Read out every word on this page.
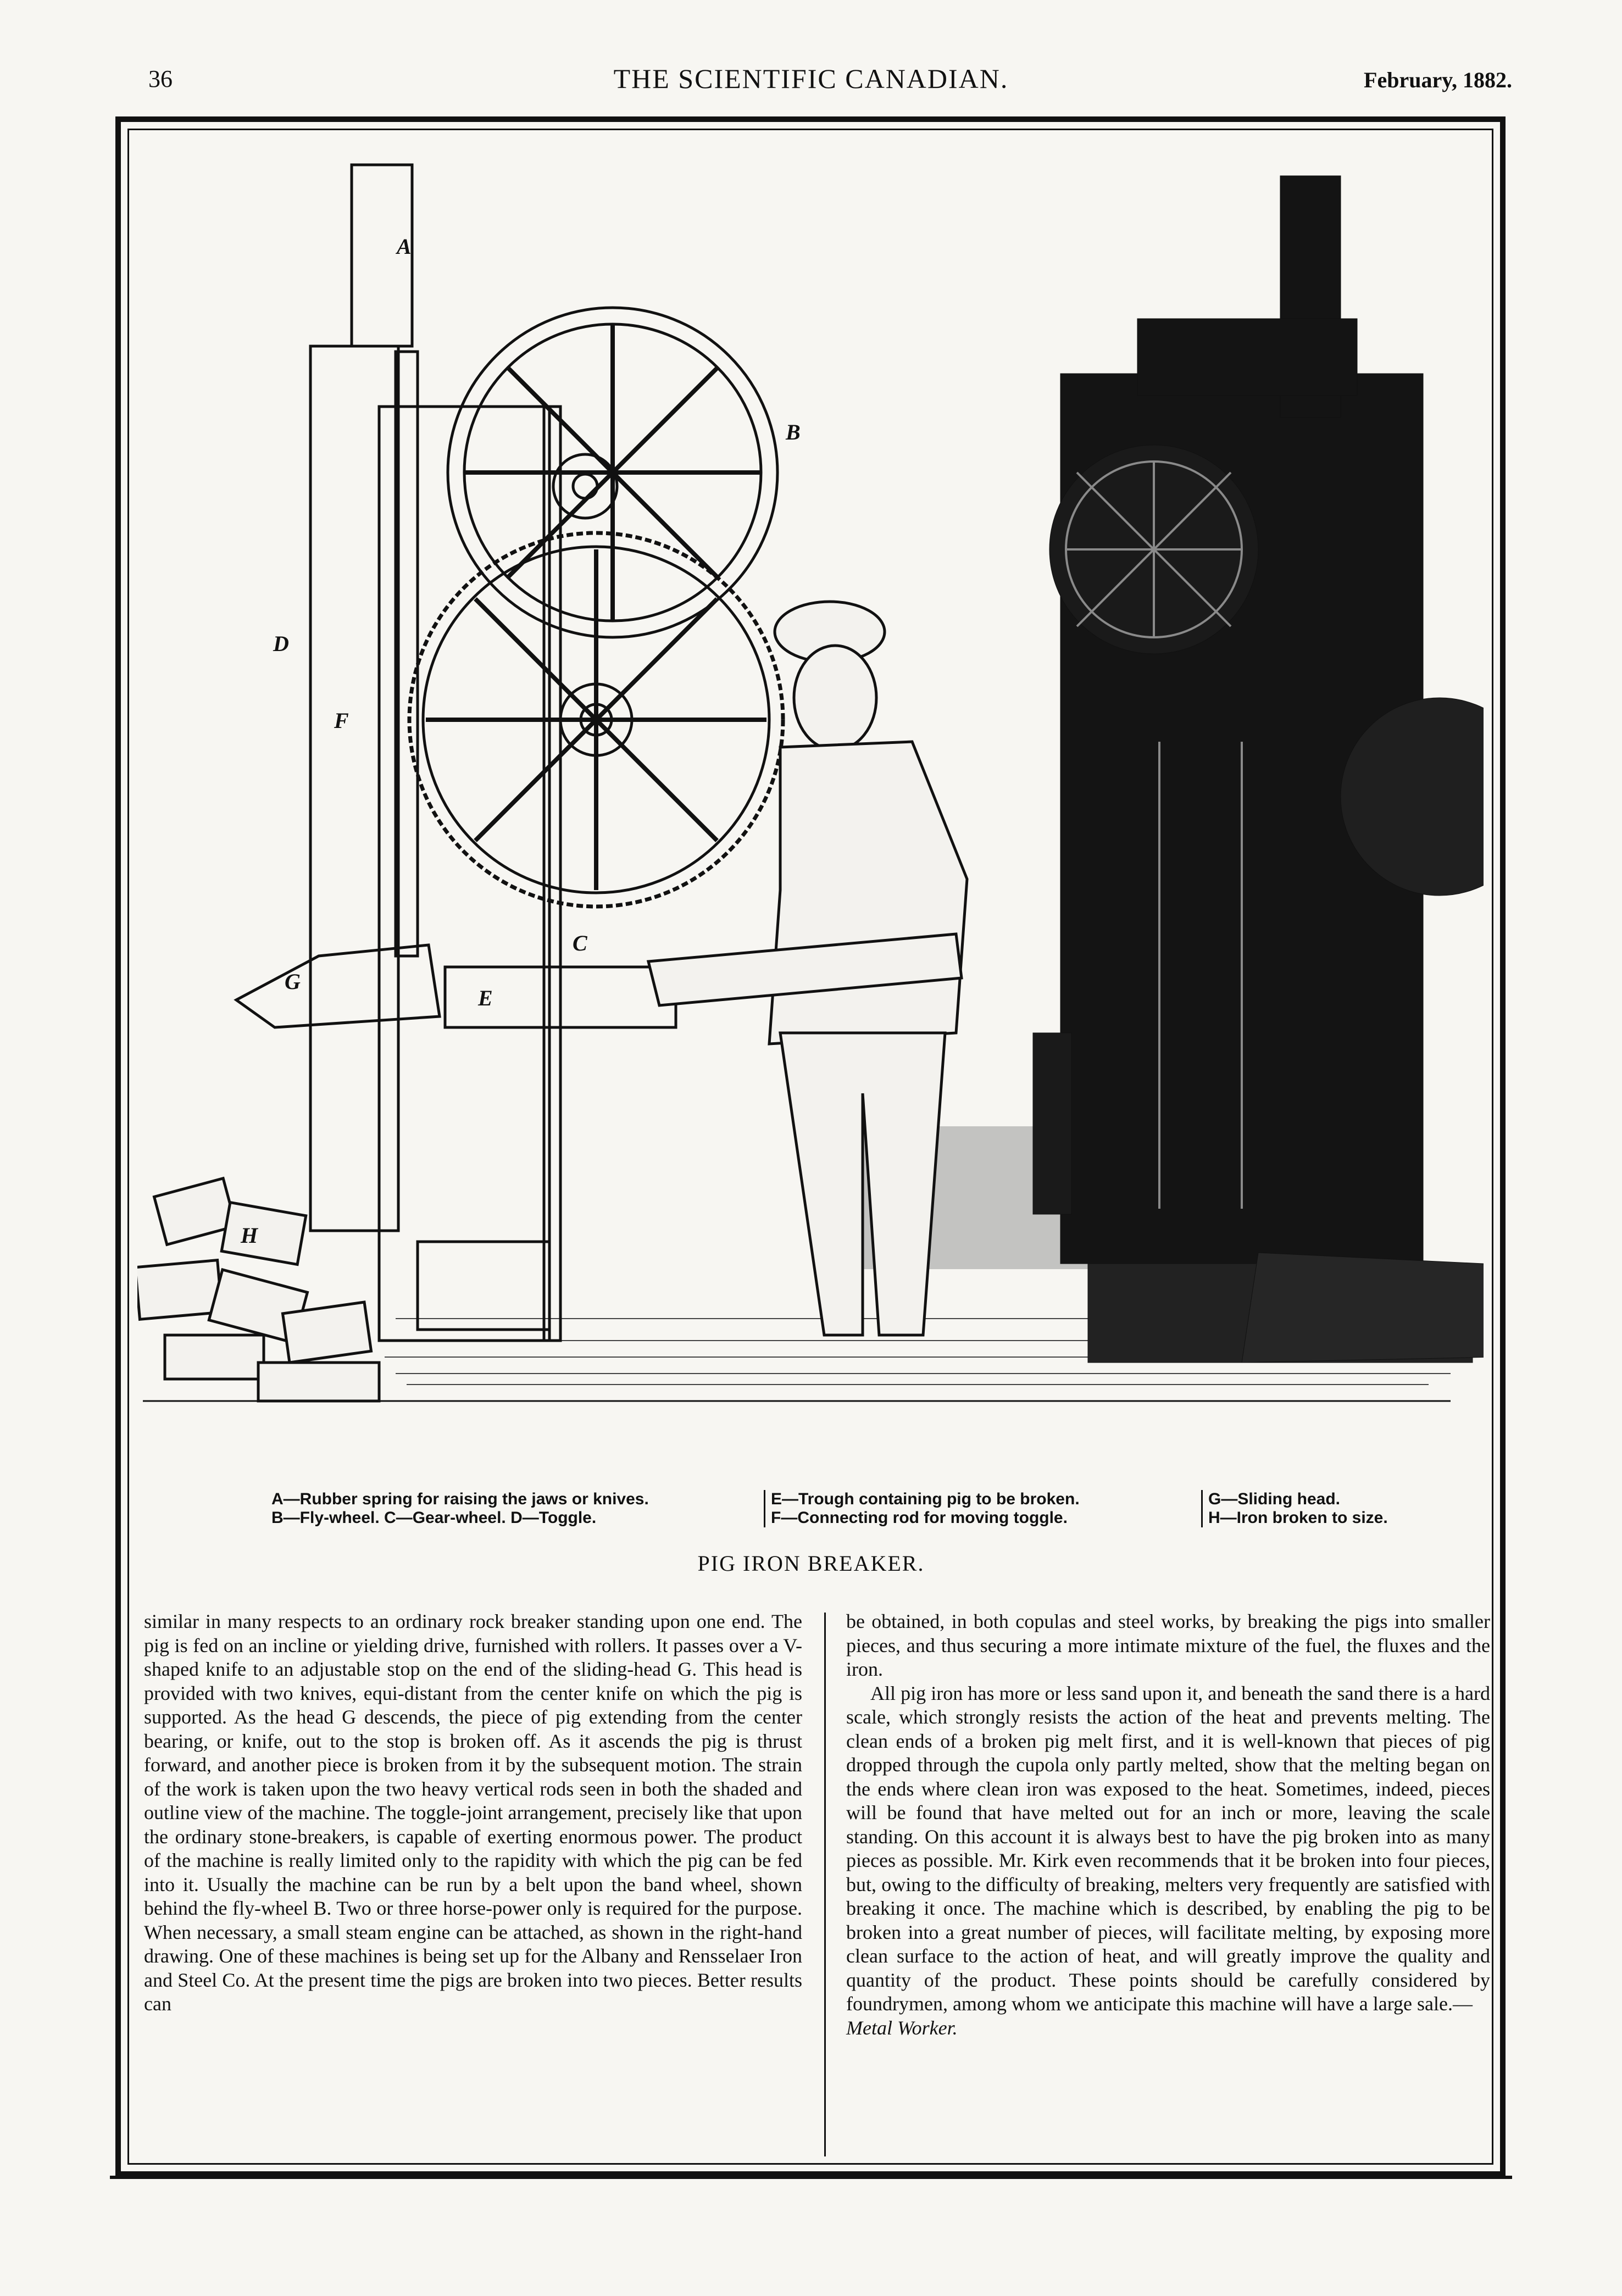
36	THE SCIENTIFIC CANADIAN.	February, 1882.
A
B
C
D
E
F
G
H
A—Rubber spring for raising the jaws or knives.
B—Fly-wheel. C—Gear-wheel. D—Toggle.
E—Trough containing pig to be broken.
F—Connecting rod for moving toggle.
G—Sliding head.
H—Iron broken to size.
PIG IRON BREAKER.

similar in many respects to an ordinary rock breaker standing upon one end. The pig is fed on an incline or yielding drive, furnished with rollers. It passes over a V-shaped knife to an adjustable stop on the end of the sliding-head G. This head is provided with two knives, equi-distant from the center knife on which the pig is supported. As the head G descends, the piece of pig extending from the center bearing, or knife, out to the stop is broken off. As it ascends the pig is thrust forward, and another piece is broken from it by the subsequent motion. The strain of the work is taken upon the two heavy vertical rods seen in both the shaded and outline view of the machine. The toggle-joint arrangement, precisely like that upon the ordinary stone-breakers, is capable of exerting enormous power. The product of the machine is really limited only to the rapidity with which the pig can be fed into it. Usually the machine can be run by a belt upon the band wheel, shown behind the fly-wheel B. Two or three horse-power only is required for the purpose. When necessary, a small steam engine can be attached, as shown in the right-hand drawing. One of these machines is being set up for the Albany and Rensselaer Iron and Steel Co. At the present time the pigs are broken into two pieces. Better results can

be obtained, in both copulas and steel works, by breaking the pigs into smaller pieces, and thus securing a more intimate mixture of the fuel, the fluxes and the iron.

All pig iron has more or less sand upon it, and beneath the sand there is a hard scale, which strongly resists the action of the heat and prevents melting. The clean ends of a broken pig melt first, and it is well-known that pieces of pig dropped through the cupola only partly melted, show that the melting began on the ends where clean iron was exposed to the heat. Sometimes, indeed, pieces will be found that have melted out for an inch or more, leaving the scale standing. On this account it is always best to have the pig broken into as many pieces as possible. Mr. Kirk even recommends that it be broken into four pieces, but, owing to the difficulty of breaking, melters very frequently are satisfied with breaking it once. The machine which is described, by enabling the pig to be broken into a great number of pieces, will facilitate melting, by exposing more clean surface to the action of heat, and will greatly improve the quality and quantity of the product. These points should be carefully considered by foundrymen, among whom we anticipate this machine will have a large sale.—

Metal Worker.
